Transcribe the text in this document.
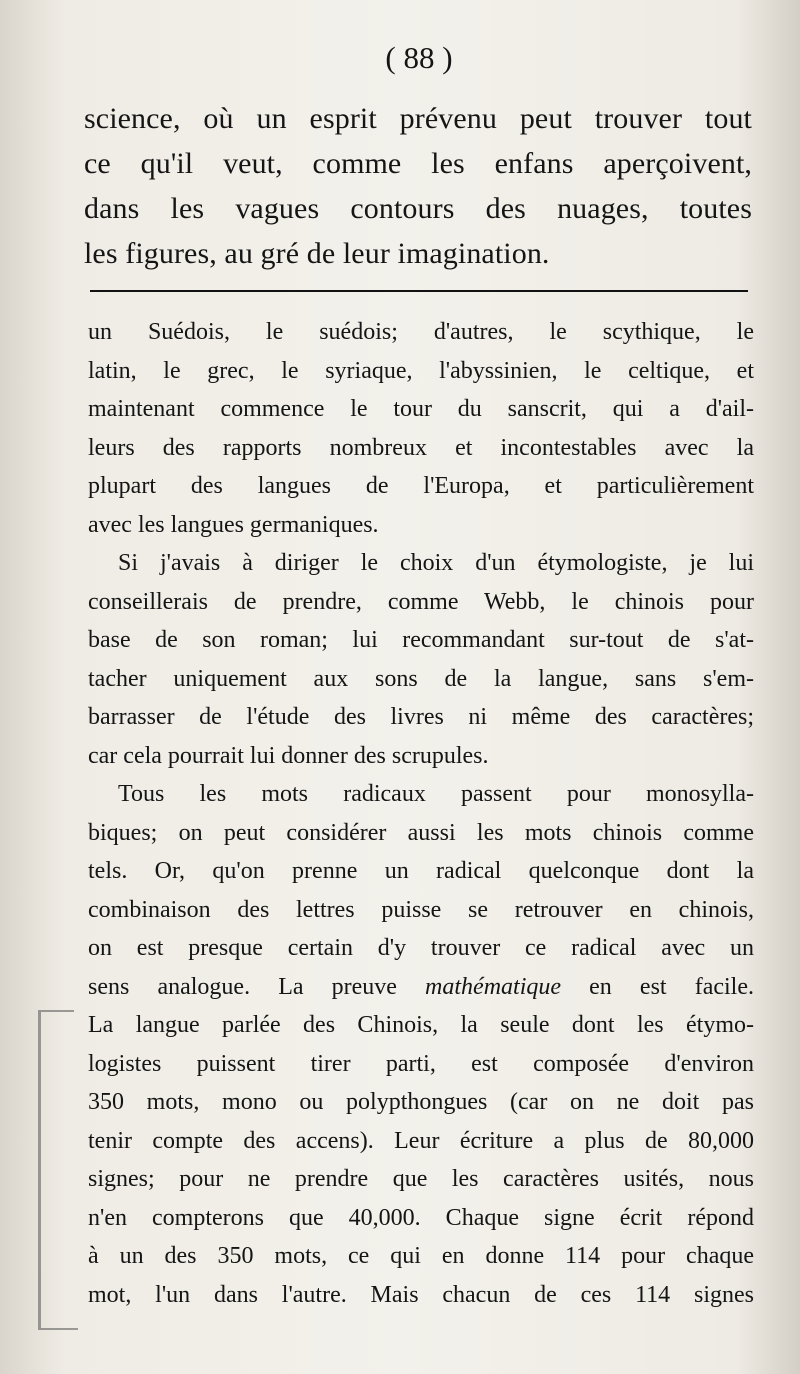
( 88 )
science, où un esprit prévenu peut trouver tout
ce qu'il veut, comme les enfans aperçoivent,
dans les vagues contours des nuages, toutes
les figures, au gré de leur imagination.
un Suédois, le suédois; d'autres, le scythique, le
latin, le grec, le syriaque, l'abyssinien, le celtique, et
maintenant commence le tour du sanscrit, qui a d'ail-
leurs des rapports nombreux et incontestables avec la
plupart des langues de l'Europa, et particulièrement
avec les langues germaniques.
Si j'avais à diriger le choix d'un étymologiste, je lui
conseillerais de prendre, comme Webb, le chinois pour
base de son roman; lui recommandant sur-tout de s'at-
tacher uniquement aux sons de la langue, sans s'em-
barrasser de l'étude des livres ni même des caractères;
car cela pourrait lui donner des scrupules.
Tous les mots radicaux passent pour monosylla-
biques; on peut considérer aussi les mots chinois comme
tels. Or, qu'on prenne un radical quelconque dont la
combinaison des lettres puisse se retrouver en chinois,
on est presque certain d'y trouver ce radical avec un
sens analogue. La preuve mathématique en est facile.
La langue parlée des Chinois, la seule dont les étymo-
logistes puissent tirer parti, est composée d'environ
350 mots, mono ou polypthongues (car on ne doit pas
tenir compte des accens). Leur écriture a plus de 80,000
signes; pour ne prendre que les caractères usités, nous
n'en compterons que 40,000. Chaque signe écrit répond
à un des 350 mots, ce qui en donne 114 pour chaque
mot, l'un dans l'autre. Mais chacun de ces 114 signes
